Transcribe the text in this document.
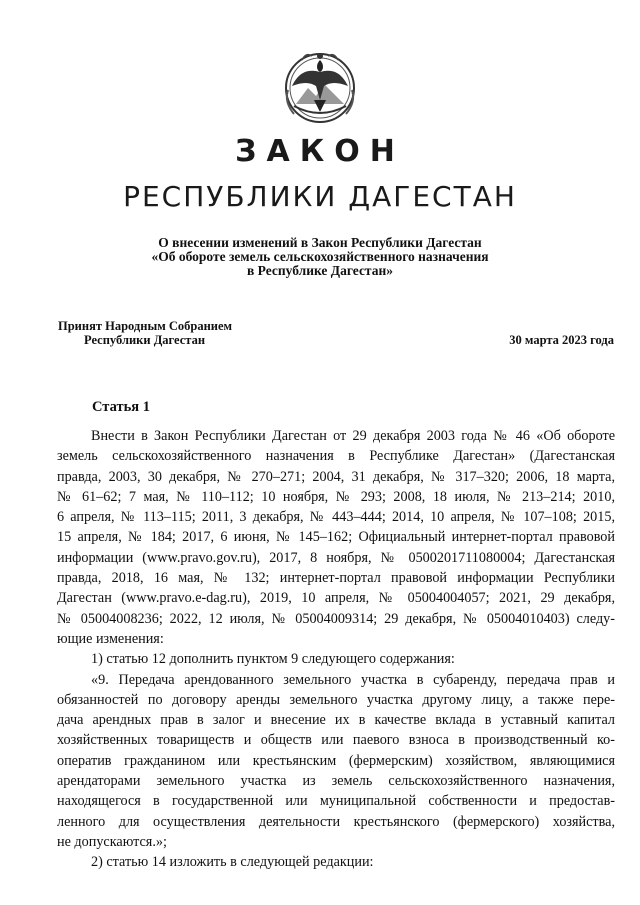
ЗАКОН
РЕСПУБЛИКИ ДАГЕСТАН
О внесении изменений в Закон Республики Дагестан
«Об обороте земель сельскохозяйственного назначения
в Республике Дагестан»
Принят Народным Собранием
Республики Дагестан	30 марта 2023 года
Статья 1
Внести в Закон Республики Дагестан от 29 декабря 2003 года № 46 «Об обороте
земель сельскохозяйственного назначения в Республике Дагестан» (Дагестанская
правда, 2003, 30 декабря, № 270–271; 2004, 31 декабря, № 317–320; 2006, 18 марта,
№ 61–62; 7 мая, № 110–112; 10 ноября, № 293; 2008, 18 июля, № 213–214; 2010,
6 апреля, № 113–115; 2011, 3 декабря, № 443–444; 2014, 10 апреля, № 107–108; 2015,
15 апреля, № 184; 2017, 6 июня, № 145–162; Официальный интернет-портал правовой
информации (www.pravo.gov.ru), 2017, 8 ноября, № 0500201711080004; Дагестанская
правда, 2018, 16 мая, № 132; интернет-портал правовой информации Республики
Дагестан (www.pravo.e-dag.ru), 2019, 10 апреля, № 05004004057; 2021, 29 декабря,
№ 05004008236; 2022, 12 июля, № 05004009314; 29 декабря, № 05004010403) следу-
ющие изменения:
1) статью 12 дополнить пунктом 9 следующего содержания:
«9. Передача арендованного земельного участка в субаренду, передача прав и
обязанностей по договору аренды земельного участка другому лицу, а также пере-
дача арендных прав в залог и внесение их в качестве вклада в уставный капитал
хозяйственных товариществ и обществ или паевого взноса в производственный ко-
оператив гражданином или крестьянским (фермерским) хозяйством, являющимися
арендаторами земельного участка из земель сельскохозяйственного назначения,
находящегося в государственной или муниципальной собственности и предостав-
ленного для осуществления деятельности крестьянского (фермерского) хозяйства,
не допускаются.»;
2) статью 14 изложить в следующей редакции:
